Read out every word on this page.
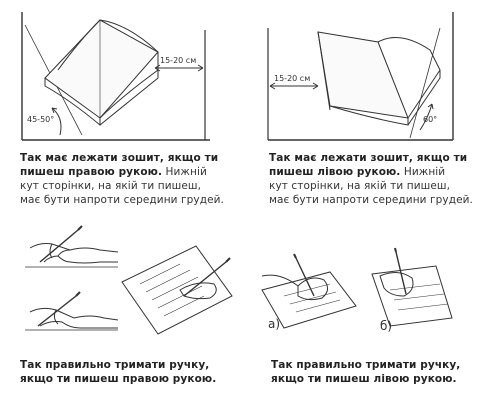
15-20 см
45-50°
15-20 см
60°
а)	б)
Так має лежати зошит, якщо ти
пишеш правою рукою. Нижній
кут сторінки, на якій ти пишеш,
має бути напроти середини грудей.
Так має лежати зошит, якщо ти
пишеш лівою рукою. Нижній
кут сторінки, на якій ти пишеш,
має бути напроти середини грудей.
Так правильно тримати ручку,
якщо ти пишеш правою рукою.
Так правильно тримати ручку,
якщо ти пишеш лівою рукою.
